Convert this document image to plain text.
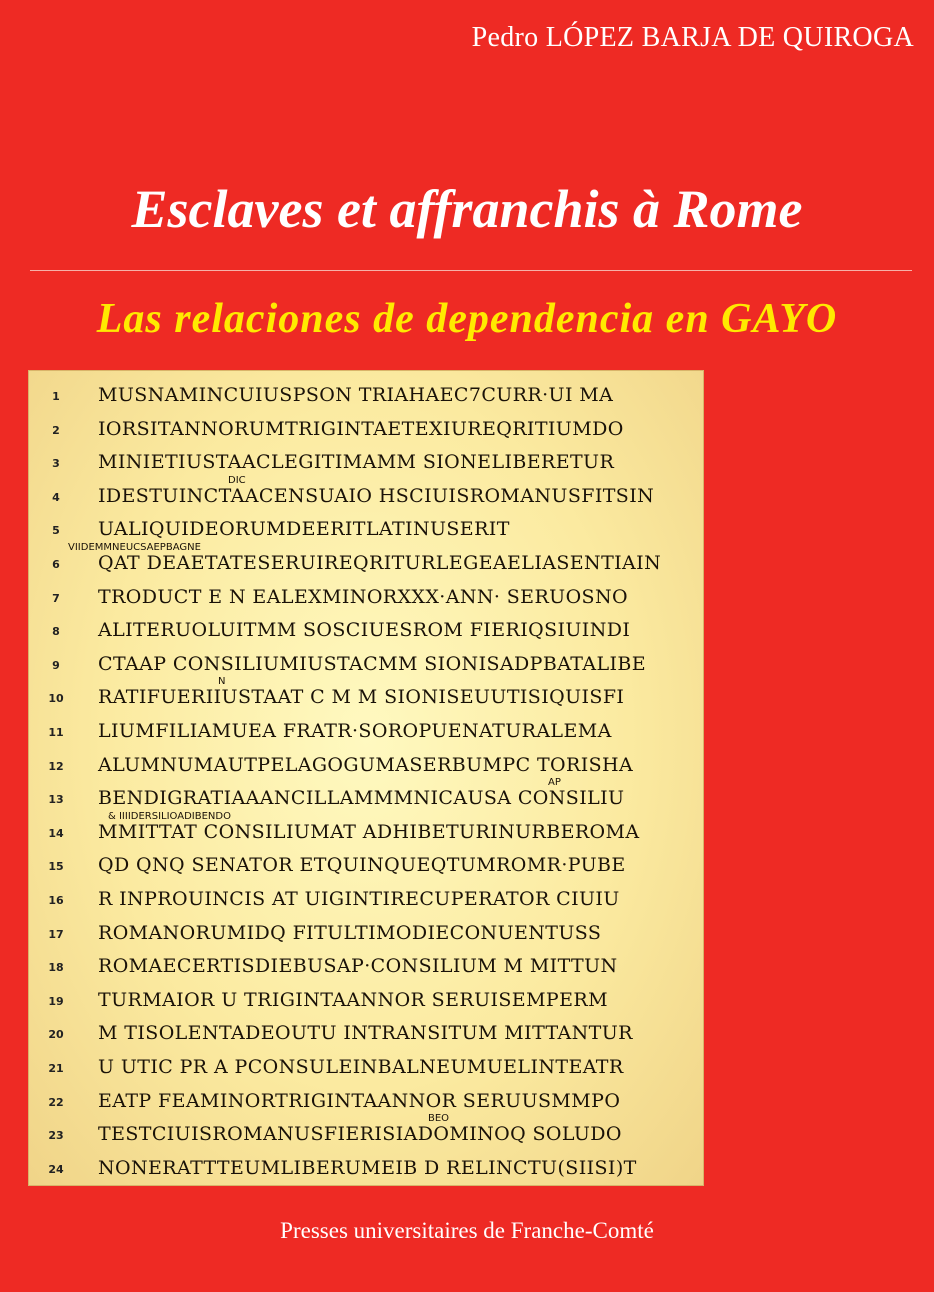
Pedro LÓPEZ BARJA DE QUIROGA
Esclaves et affranchis à Rome
Las relaciones de dependencia en GAYO
1	MUSNAMINCUIUSPSON TRIAHAEC7CURR·UI MA
2	IORSITANNORUMTRIGINTAETEXIUREQRITIUMDO
3	MINIETIUSTAACLEGITIMAMM SIONELIBERETUR
4	IDESTUINCTAACENSUAIO HSCIUISROMANUSFITSIN
5	UALIQUIDEORUMDEERITLATINUSERIT
6	QAT DEAETATESERUIREQRITURLEGEAELIASENTIAIN
7	TRODUCT E N EALEXMINORXXX·ANN· SERUOSNO
8	ALITERUOLUITMM SOSCIUESROM FIERIQSIUINDI
9	CTAAP CONSILIUMIUSTACMM SIONISADPBATALIBE
10	RATIFUERIIUSTAAT C M M SIONISEUUTISIQUISFI
11	LIUMFILIAMUEA FRATR·SOROPUENATURALEMA
12	ALUMNUMAUTPELAGOGUMASERBUMPC TORISHA
13	BENDIGRATIAAANCILLAMMMNICAUSA CONSILIU
14	MMITTAT CONSILIUMAT ADHIBETURINURBEROMA
15	QD QNQ SENATOR ETQUINQUEQTUMROMR·PUBE
16	R INPROUINCIS AT UIGINTIRECUPERATOR CIUIU
17	ROMANORUMIDQ FITULTIMODIECONUENTUSS
18	ROMAECERTISDIEBUSAP·CONSILIUM M MITTUN
19	TURMAIOR U TRIGINTAANNOR SERUISEMPERM
20	M TISOLENTADEOUTU INTRANSITUM MITTANTUR
21	U UTIC PR A PCONSULEINBALNEUMUELINTEATR
22	EATP FEAMINORTRIGINTAANNOR SERUUSMMPO
23	TESTCIUISROMANUSFIERISIADOMINOQ SOLUDO
24	NONERATTTEUMLIBERUMEIB D RELINCTU(SIISI)T
DIC
VIIDEMMNEUCSAEPBAGNE
N
AP
& IIIIDERSILIOADIBENDO
BEO
Presses universitaires de Franche-Comté
